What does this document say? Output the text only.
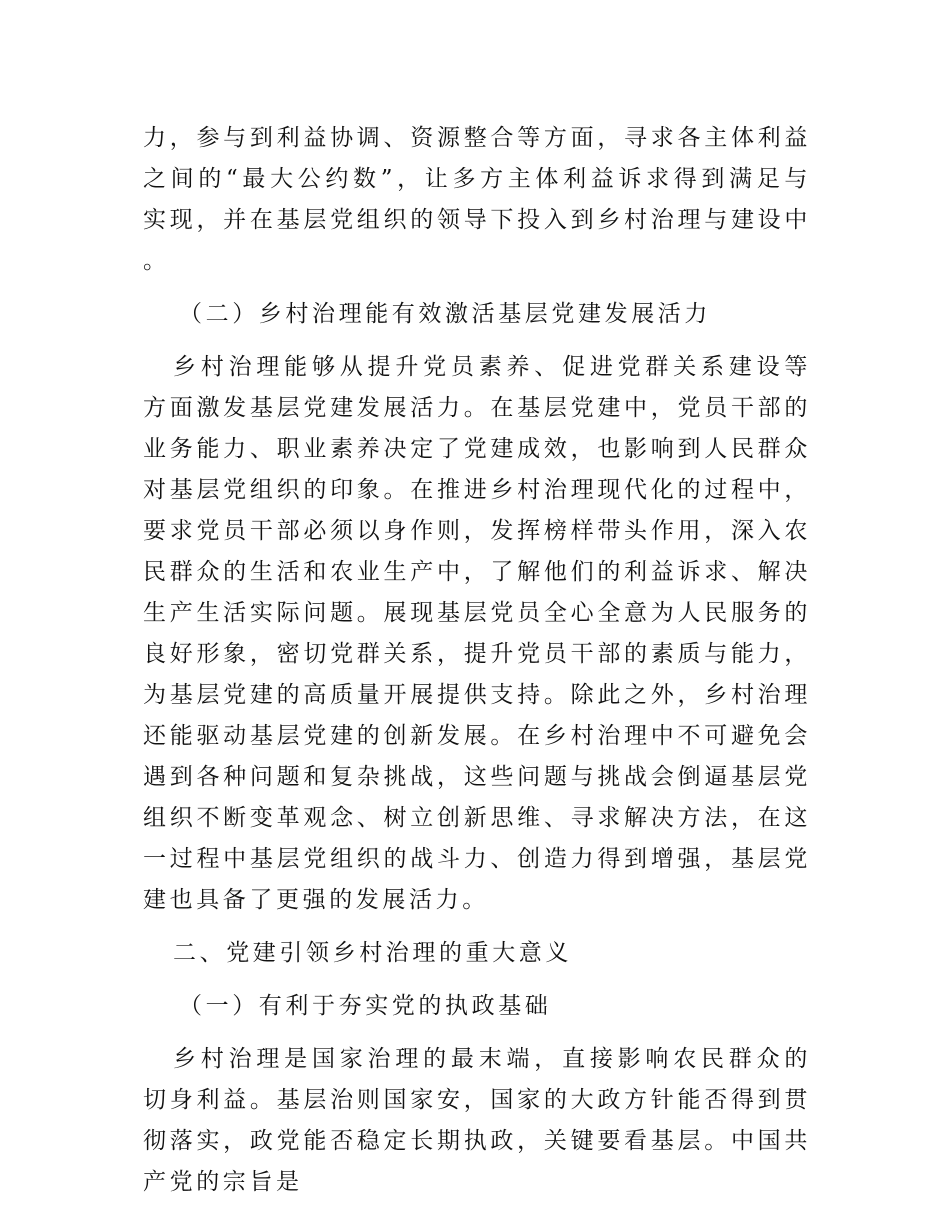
力，参与到利益协调、资源整合等方面，寻求各主体利益之间的“最大公约数”，让多方主体利益诉求得到满足与实现，并在基层党组织的领导下投入到乡村治理与建设中。

（二）乡村治理能有效激活基层党建发展活力

乡村治理能够从提升党员素养、促进党群关系建设等方面激发基层党建发展活力。在基层党建中，党员干部的业务能力、职业素养决定了党建成效，也影响到人民群众对基层党组织的印象。在推进乡村治理现代化的过程中，要求党员干部必须以身作则，发挥榜样带头作用，深入农民群众的生活和农业生产中，了解他们的利益诉求、解决生产生活实际问题。展现基层党员全心全意为人民服务的良好形象，密切党群关系，提升党员干部的素质与能力，为基层党建的高质量开展提供支持。除此之外，乡村治理还能驱动基层党建的创新发展。在乡村治理中不可避免会遇到各种问题和复杂挑战，这些问题与挑战会倒逼基层党组织不断变革观念、树立创新思维、寻求解决方法，在这一过程中基层党组织的战斗力、创造力得到增强，基层党建也具备了更强的发展活力。

二、党建引领乡村治理的重大意义

（一）有利于夯实党的执政基础

乡村治理是国家治理的最末端，直接影响农民群众的切身利益。基层治则国家安，国家的大政方针能否得到贯彻落实，政党能否稳定长期执政，关键要看基层。中国共产党的宗旨是
